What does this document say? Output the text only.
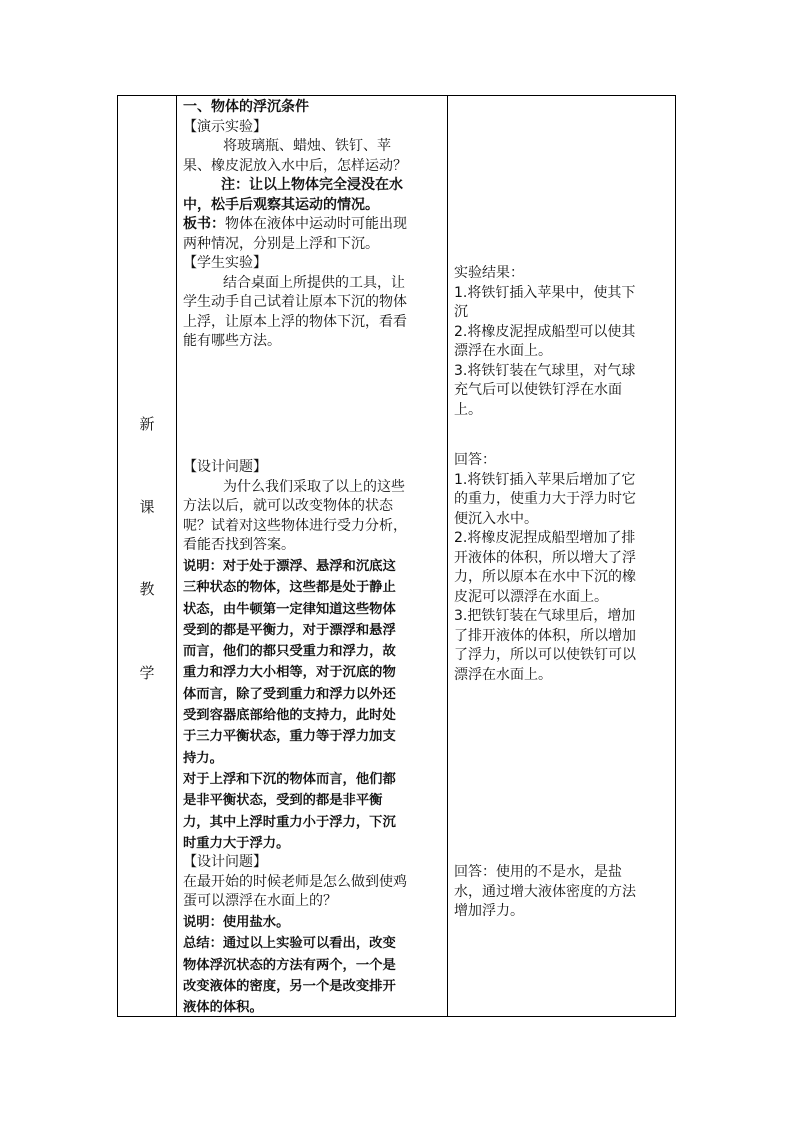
新
课
教
学

一、物体的浮沉条件

【演示实验】

将玻璃瓶、蜡烛、铁钉、苹

果、橡皮泥放入水中后，怎样运动？

注：让以上物体完全浸没在水

中，松手后观察其运动的情况。

板书：物体在液体中运动时可能出现

两种情况，分别是上浮和下沉。

【学生实验】

结合桌面上所提供的工具，让

学生动手自己试着让原本下沉的物体

上浮，让原本上浮的物体下沉，看看

能有哪些方法。

【设计问题】

为什么我们采取了以上的这些

方法以后，就可以改变物体的状态

呢？试着对这些物体进行受力分析，

看能否找到答案。

说明：对于处于漂浮、悬浮和沉底这

三种状态的物体，这些都是处于静止

状态，由牛顿第一定律知道这些物体

受到的都是平衡力，对于漂浮和悬浮

而言，他们的都只受重力和浮力，故

重力和浮力大小相等，对于沉底的物

体而言，除了受到重力和浮力以外还

受到容器底部给他的支持力，此时处

于三力平衡状态，重力等于浮力加支

持力。

对于上浮和下沉的物体而言，他们都

是非平衡状态，受到的都是非平衡

力，其中上浮时重力小于浮力，下沉

时重力大于浮力。

【设计问题】

在最开始的时候老师是怎么做到使鸡

蛋可以漂浮在水面上的？

说明：使用盐水。

总结：通过以上实验可以看出，改变

物体浮沉状态的方法有两个，一个是

改变液体的密度，另一个是改变排开

液体的体积。

实验结果：

1.将铁钉插入苹果中，使其下

沉

2.将橡皮泥捏成船型可以使其

漂浮在水面上。

3.将铁钉装在气球里，对气球

充气后可以使铁钉浮在水面

上。

回答：

1.将铁钉插入苹果后增加了它

的重力，使重力大于浮力时它

便沉入水中。

2.将橡皮泥捏成船型增加了排

开液体的体积，所以增大了浮

力，所以原本在水中下沉的橡

皮泥可以漂浮在水面上。

3.把铁钉装在气球里后，增加

了排开液体的体积，所以增加

了浮力，所以可以使铁钉可以

漂浮在水面上。

回答：使用的不是水，是盐

水，通过增大液体密度的方法

增加浮力。
